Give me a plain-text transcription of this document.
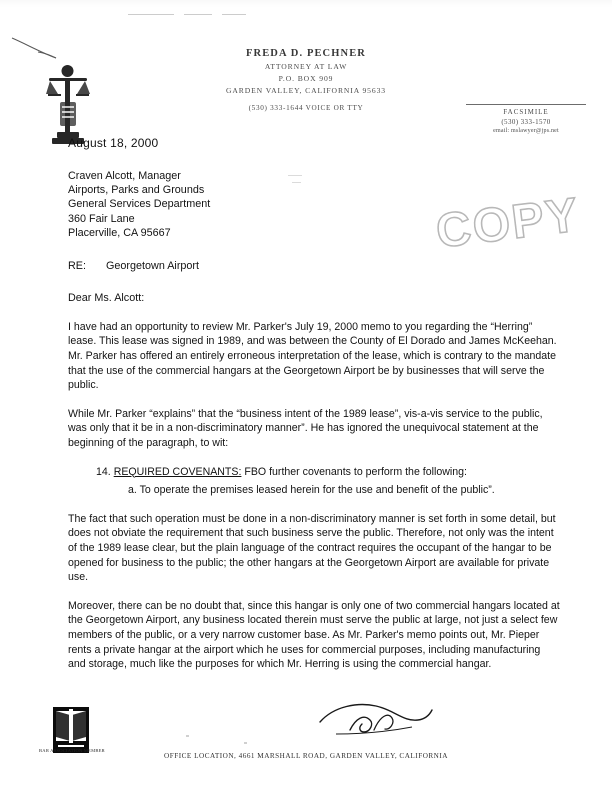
FREDA D. PECHNER
ATTORNEY AT LAW
P.O. BOX 909
GARDEN VALLEY, CALIFORNIA 95633
(530) 333-1644 VOICE OR TTY	FACSIMILE
(530) 333-1570
email: mslawyer@jps.net
COPY
August 18, 2000
Craven Alcott, Manager
Airports, Parks and Grounds
General Services Department
360 Fair Lane
Placerville, CA 95667
RE: Georgetown Airport
Dear Ms. Alcott:

I have had an opportunity to review Mr. Parker's July 19, 2000 memo to you regarding the “Herring” lease. This lease was signed in 1989, and was between the County of El Dorado and James McKeehan. Mr. Parker has offered an entirely erroneous interpretation of the lease, which is contrary to the mandate that the use of the commercial hangars at the Georgetown Airport be by businesses that will serve the public.

While Mr. Parker “explains” that the “business intent of the 1989 lease”, vis-a-vis service to the public, was only that it be in a non-discriminatory manner”. He has ignored the unequivocal statement at the beginning of the paragraph, to wit:

14. REQUIRED COVENANTS: FBO further covenants to perform the following:

a. To operate the premises leased herein for the use and benefit of the public”.

The fact that such operation must be done in a non-discriminatory manner is set forth in some detail, but does not obviate the requirement that such business serve the public. Therefore, not only was the intent of the 1989 lease clear, but the plain language of the contract requires the occupant of the hangar to be opened for business to the public; the other hangars at the Georgetown Airport are available for private use.

Moreover, there can be no doubt that, since this hangar is only one of two commercial hangars located at the Georgetown Airport, any business located therein must serve the public at large, not just a select few members of the public, or a very narrow customer base. As Mr. Parker's memo points out, Mr. Pieper rents a private hangar at the airport which he uses for commercial purposes, including manufacturing and storage, much like the purposes for which Mr. Herring is using the commercial hangar.

BAR ASSOCIATION MEMBER
OFFICE LOCATION, 4661 MARSHALL ROAD, GARDEN VALLEY, CALIFORNIA
